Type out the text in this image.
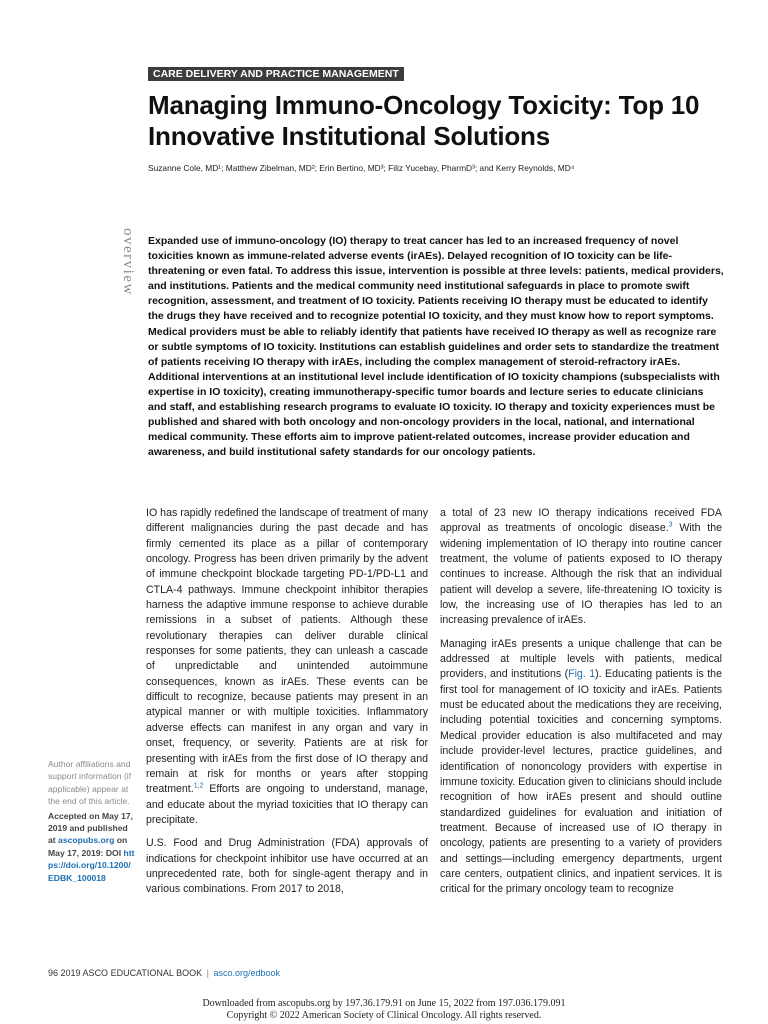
CARE DELIVERY AND PRACTICE MANAGEMENT
Managing Immuno-Oncology Toxicity: Top 10 Innovative Institutional Solutions
Suzanne Cole, MD¹; Matthew Zibelman, MD²; Erin Bertino, MD³; Filiz Yucebay, PharmD³; and Kerry Reynolds, MD⁴
overview Expanded use of immuno-oncology (IO) therapy to treat cancer has led to an increased frequency of novel toxicities known as immune-related adverse events (irAEs). Delayed recognition of IO toxicity can be life-threatening or even fatal. To address this issue, intervention is possible at three levels: patients, medical providers, and institutions. Patients and the medical community need institutional safeguards in place to promote swift recognition, assessment, and treatment of IO toxicity. Patients receiving IO therapy must be educated to identify the drugs they have received and to recognize potential IO toxicity, and they must know how to report symptoms. Medical providers must be able to reliably identify that patients have received IO therapy as well as recognize rare or subtle symptoms of IO toxicity. Institutions can establish guidelines and order sets to standardize the treatment of patients receiving IO therapy with irAEs, including the complex management of steroid-refractory irAEs. Additional interventions at an institutional level include identification of IO toxicity champions (subspecialists with expertise in IO toxicity), creating immunotherapy-specific tumor boards and lecture series to educate clinicians and staff, and establishing research programs to evaluate IO toxicity. IO therapy and toxicity experiences must be published and shared with both oncology and non-oncology providers in the local, national, and international medical community. These efforts aim to improve patient-related outcomes, increase provider education and awareness, and build institutional safety standards for our oncology patients.

IO has rapidly redefined the landscape of treatment of many different malignancies during the past decade and has firmly cemented its place as a pillar of contemporary oncology. Progress has been driven primarily by the advent of immune checkpoint blockade targeting PD-1/PD-L1 and CTLA-4 pathways. Immune checkpoint inhibitor therapies harness the adaptive immune response to achieve durable remissions in a subset of patients. Although these revolutionary therapies can deliver durable clinical responses for some patients, they can unleash a cascade of unpredictable and unintended autoimmune consequences, known as irAEs. These events can be difficult to recognize, because patients may present in an atypical manner or with multiple toxicities. Inflammatory adverse effects can manifest in any organ and vary in onset, frequency, or severity. Patients are at risk for presenting with irAEs from the first dose of IO therapy and remain at risk for months or years after stopping treatment.$^{1,2}$ Efforts are ongoing to understand, manage, and educate about the myriad toxicities that IO therapy can precipitate.

U.S. Food and Drug Administration (FDA) approvals of indications for checkpoint inhibitor use have occurred at an unprecedented rate, both for single-agent therapy and in various combinations. From 2017 to 2018,

a total of 23 new IO therapy indications received FDA approval as treatments of oncologic disease.$^3$ With the widening implementation of IO therapy into routine cancer treatment, the volume of patients exposed to IO therapy continues to increase. Although the risk that an individual patient will develop a severe, life-threatening IO toxicity is low, the increasing use of IO therapies has led to an increasing prevalence of irAEs.

Managing irAEs presents a unique challenge that can be addressed at multiple levels with patients, medical providers, and institutions (Fig. 1). Educating patients is the first tool for management of IO toxicity and irAEs. Patients must be educated about the medications they are receiving, including potential toxicities and concerning symptoms. Medical provider education is also multifaceted and may include provider-level lectures, practice guidelines, and identification of nononcology providers with expertise in immune toxicity. Education given to clinicians should include recognition of how irAEs present and should outline standardized guidelines for evaluation and initiation of treatment. Because of increased use of IO therapy in oncology, patients are presenting to a variety of providers and settings—including emergency departments, urgent care centers, outpatient clinics, and inpatient services. It is critical for the primary oncology team to recognize

Author affiliations and support information (if applicable) appear at the end of this article.
Accepted on May 17, 2019 and published at ascopubs.org on May 17, 2019: DOI https://doi.org/10.1200/EDBK_100018
96 2019 ASCO EDUCATIONAL BOOK | asco.org/edbook
Downloaded from ascopubs.org by 197.36.179.91 on June 15, 2022 from 197.036.179.091
Copyright © 2022 American Society of Clinical Oncology. All rights reserved.
